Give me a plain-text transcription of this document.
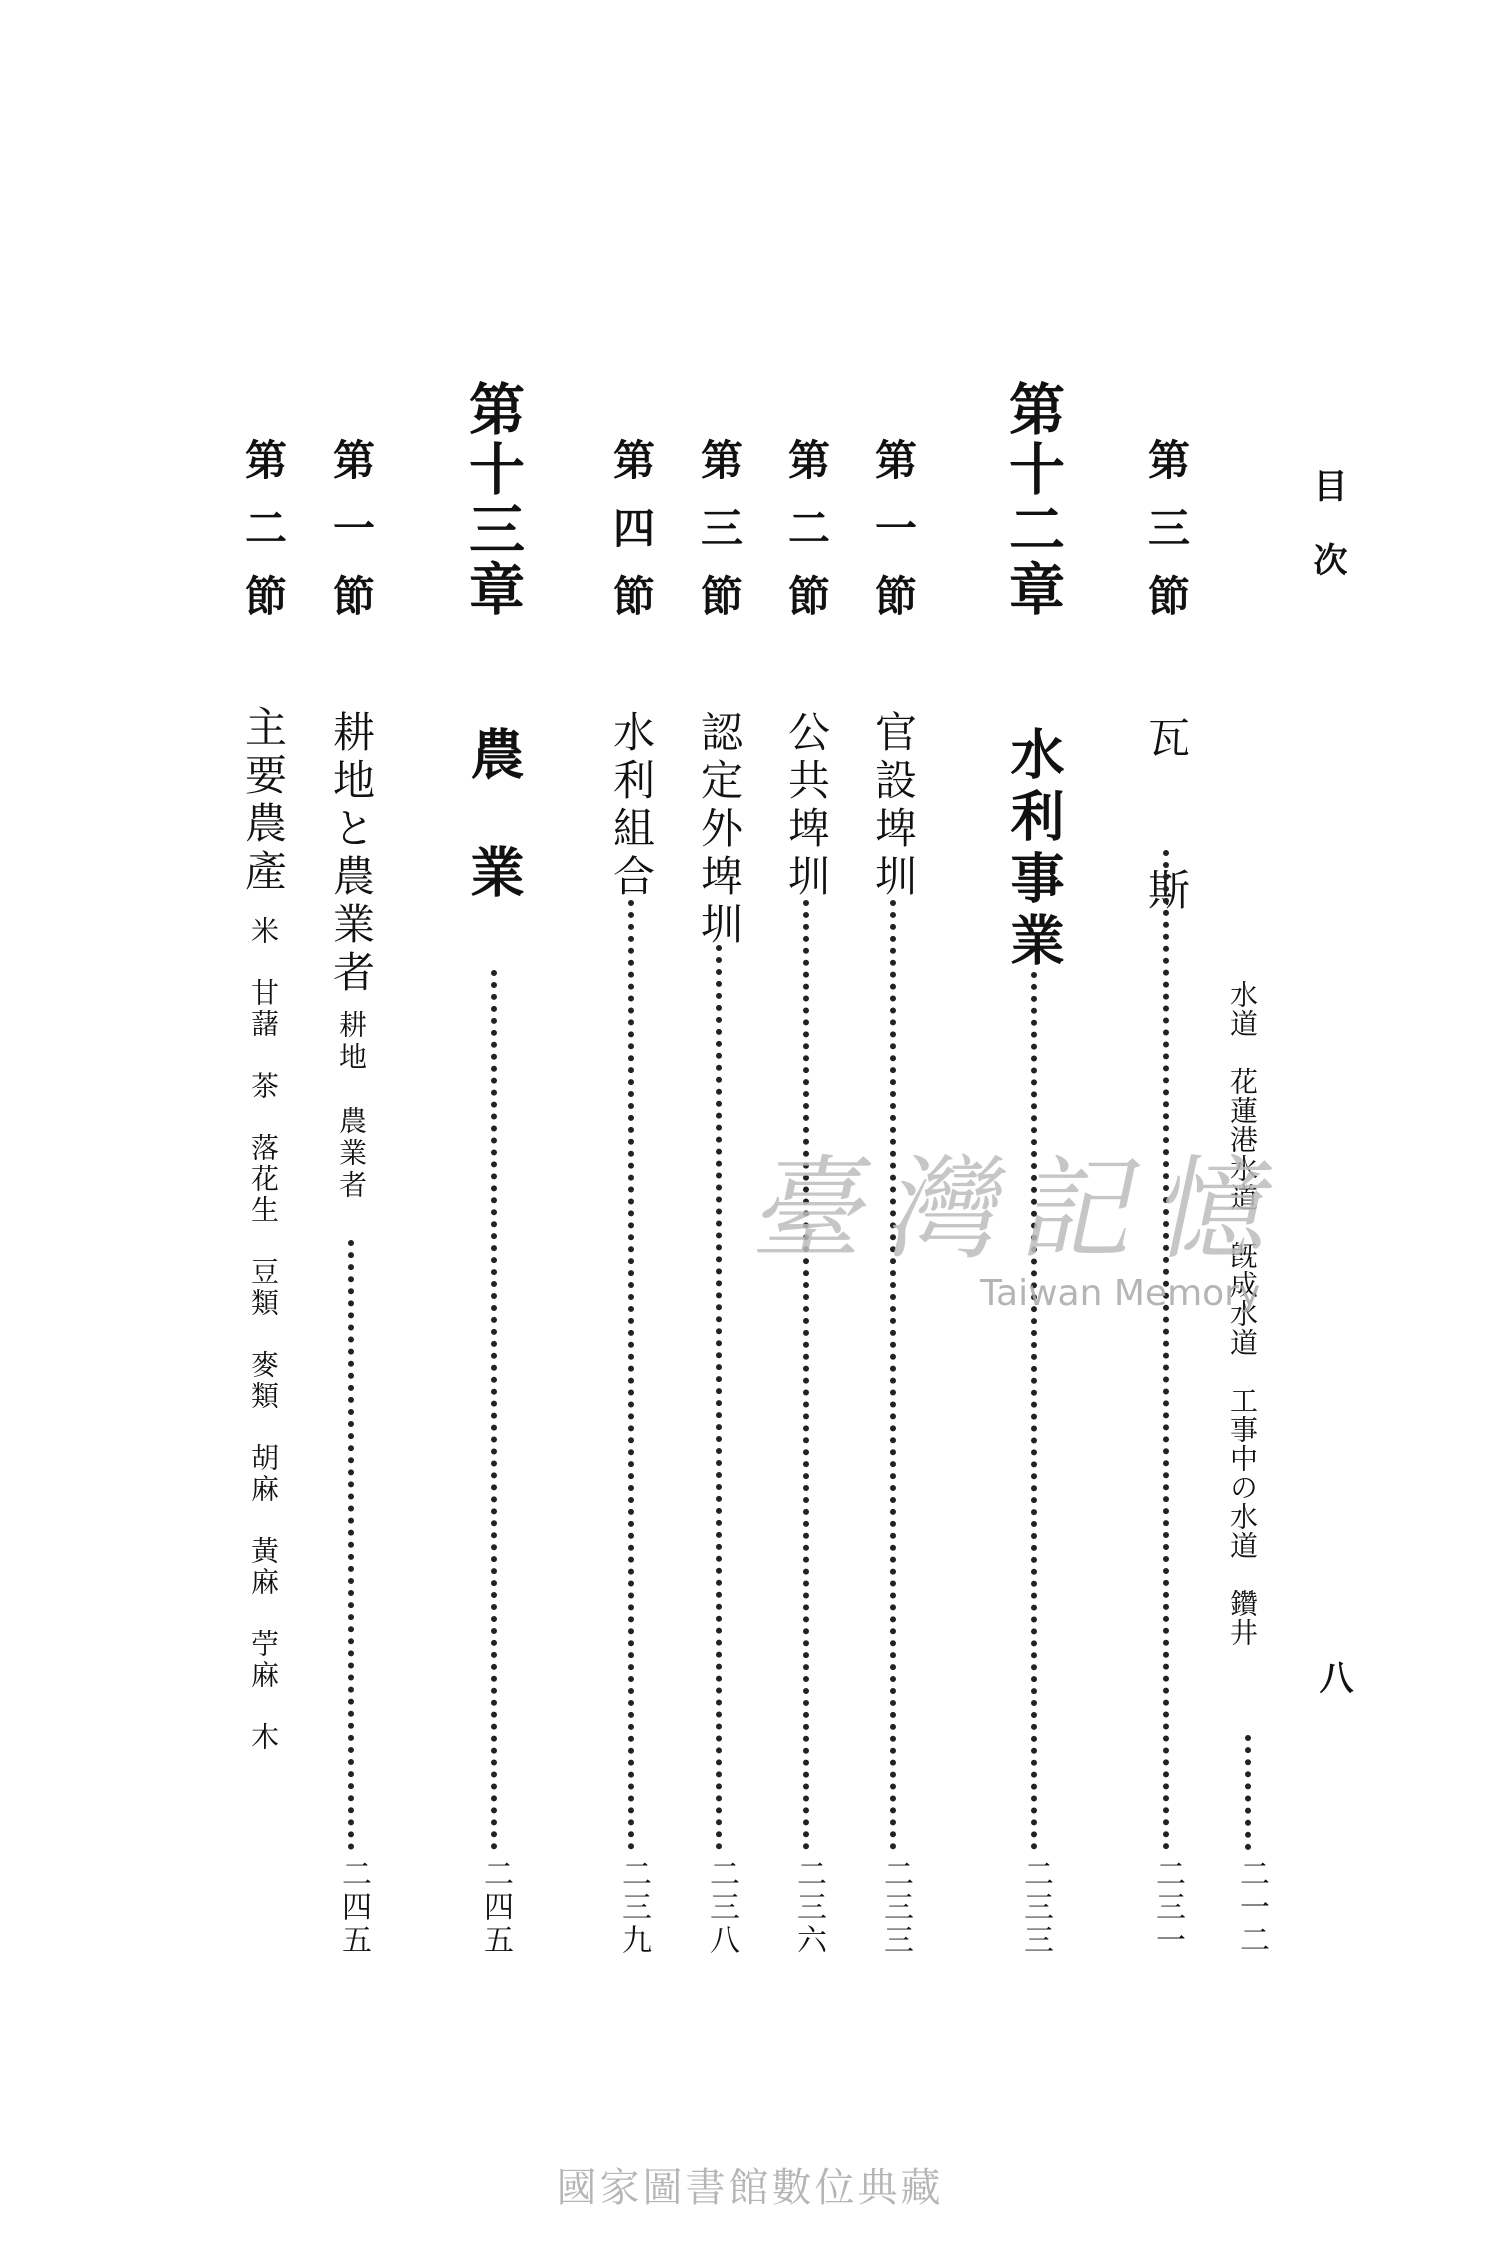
目次
八
水道　花蓮港水道　旣成水道　工事中の水道　鑽井
二一二
第三節
瓦　斯
二三一
第十二章
水利事業
二三三
第一節
官設埤圳
二三三
第二節
公共埤圳
二三六
第三節
認定外埤圳
二三八
第四節
水利組合
二三九
第十三章
農業
二四五
第一節
耕地と農業者
耕地　農業者
二四五
第二節
主要農產
米　甘藷　茶　落花生　豆類　麥類　胡麻　黃麻　苧麻　木	臺灣記憶
Taiwan Memory
國家圖書館數位典藏
